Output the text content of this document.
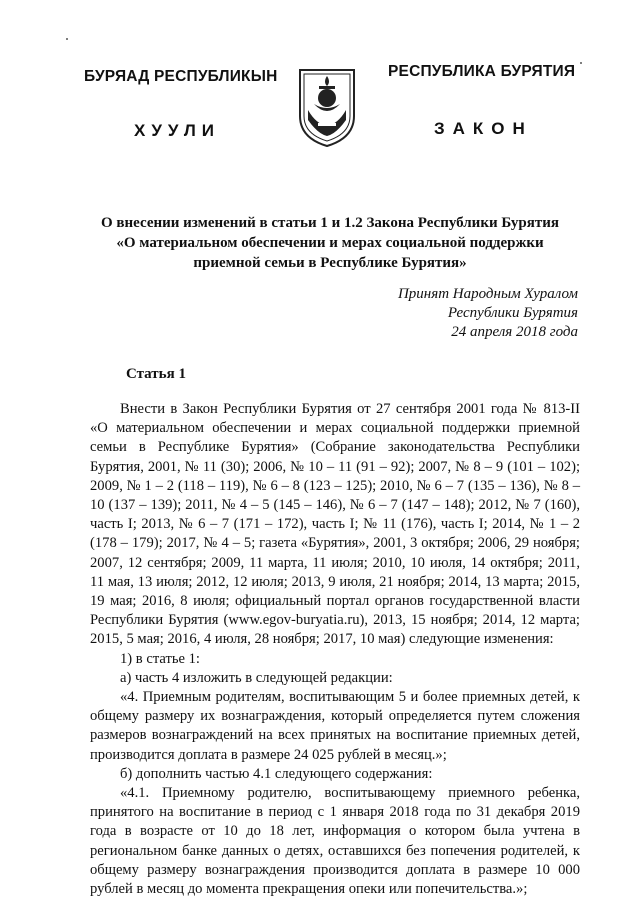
БУРЯАД РЕСПУБЛИКЫН	РЕСПУБЛИКА БУРЯТИЯ
ХУУЛИ	ЗАКОН
О внесении изменений в статьи 1 и 1.2 Закона Республики Бурятия
«О материальном обеспечении и мерах социальной поддержки
приемной семьи в Республике Бурятия»
Принят Народным Хуралом
Республики Бурятия
24 апреля 2018 года
Статья 1

Внести в Закон Республики Бурятия от 27 сентября 2001 года № 813-II «О материальном обеспечении и мерах социальной поддержки приемной семьи в Республике Бурятия» (Собрание законодательства Республики Бурятия, 2001, № 11 (30); 2006, № 10 – 11 (91 – 92); 2007, № 8 – 9 (101 – 102); 2009, № 1 – 2 (118 – 119), № 6 – 8 (123 – 125); 2010, № 6 – 7 (135 – 136), № 8 – 10 (137 – 139); 2011, № 4 – 5 (145 – 146), № 6 – 7 (147 – 148); 2012, № 7 (160), часть I; 2013, № 6 – 7 (171 – 172), часть I; № 11 (176), часть I; 2014, № 1 – 2 (178 – 179); 2017, № 4 – 5; газета «Бурятия», 2001, 3 октября; 2006, 29 ноября; 2007, 12 сентября; 2009, 11 марта, 11 июля; 2010, 10 июля, 14 октября; 2011, 11 мая, 13 июля; 2012, 12 июля; 2013, 9 июля, 21 ноября; 2014, 13 марта; 2015, 19 мая; 2016, 8 июля; официальный портал органов государственной власти Республики Бурятия (www.egov-buryatia.ru), 2013, 15 ноября; 2014, 12 марта; 2015, 5 мая; 2016, 4 июля, 28 ноября; 2017, 10 мая) следующие изменения:

1) в статье 1:

а) часть 4 изложить в следующей редакции:

«4. Приемным родителям, воспитывающим 5 и более приемных детей, к общему размеру их вознаграждения, который определяется путем сложения размеров вознаграждений на всех принятых на воспитание приемных детей, производится доплата в размере 24 025 рублей в месяц.»;

б) дополнить частью 4.1 следующего содержания:

«4.1. Приемному родителю, воспитывающему приемного ребенка, принятого на воспитание в период с 1 января 2018 года по 31 декабря 2019 года в возрасте от 10 до 18 лет, информация о котором была учтена в региональном банке данных о детях, оставшихся без попечения родителей, к общему размеру вознаграждения производится доплата в размере 10 000 рублей в месяц до момента прекращения опеки или попечительства.»;
